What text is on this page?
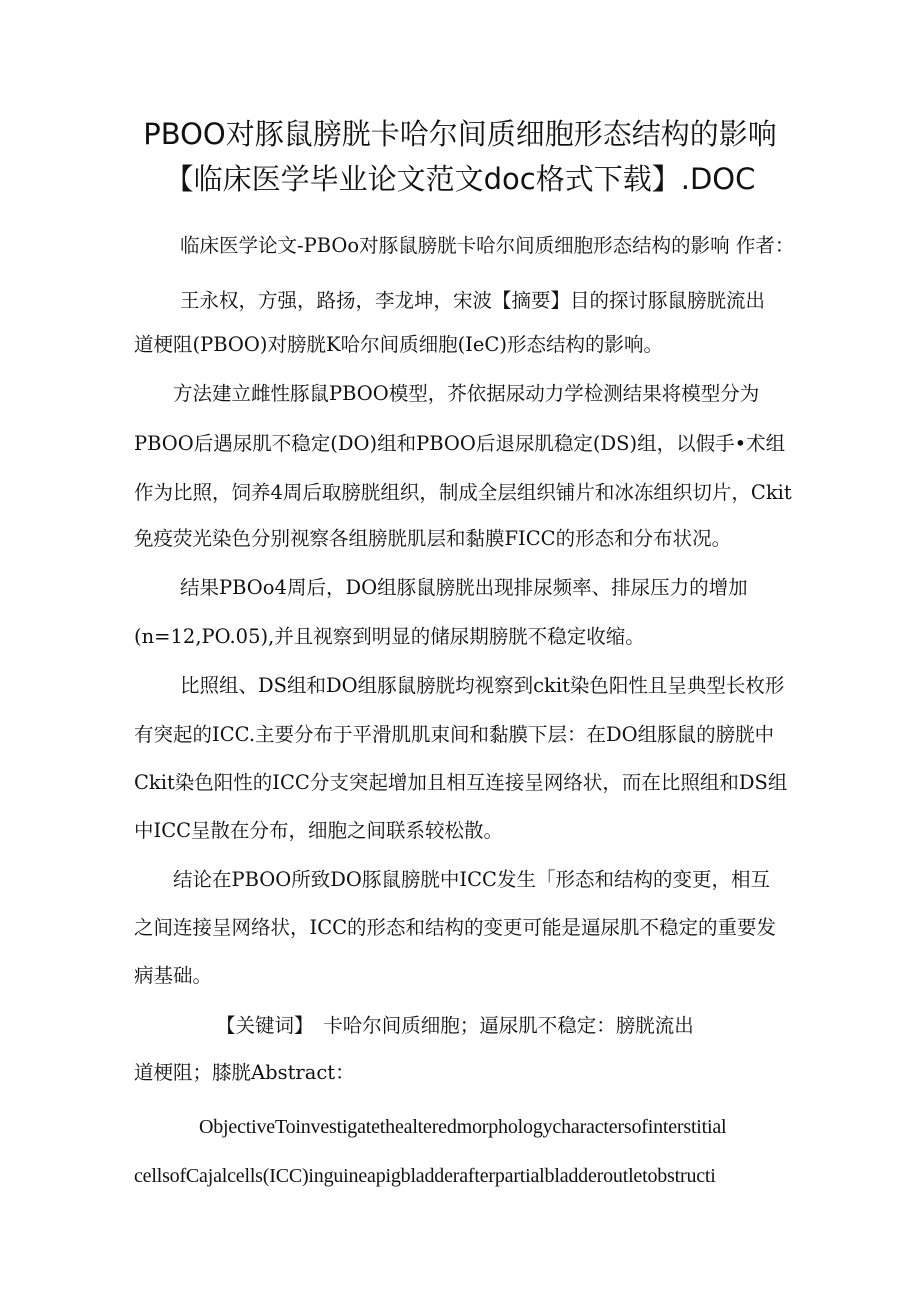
PBOO对豚鼠膀胱卡哈尔间质细胞形态结构的影响
【临床医学毕业论文范文doc格式下载】.DOC
临床医学论文-PBOo对豚鼠膀胱卡哈尔间质细胞形态结构的影响 作者：
王永权，方强，路扬，李龙坤，宋波【摘要】目的探讨豚鼠膀胱流出
道梗阻(PBOO)对膀胱K哈尔间质细胞(IeC)形态结构的影响。
方法建立雌性豚鼠PBOO模型，芥依据尿动力学检测结果将模型分为
PBOO后遇尿肌不稳定(DO)组和PBOO后退尿肌稳定(DS)组，以假手•术组
作为比照，饲养4周后取膀胱组织，制成全层组织铺片和冰冻组织切片，Ckit
免疫荧光染色分别视察各组膀胱肌层和黏膜FICC的形态和分布状况。
结果PBOo4周后，DO组豚鼠膀胱出现排尿频率、排尿压力的增加
(n=12,PO.05),并且视察到明显的储尿期膀胱不稳定收缩。
比照组、DS组和DO组豚鼠膀胱均视察到ckit染色阳性且呈典型长枚形
有突起的ICC.主要分布于平滑肌肌束间和黏膜下层：在DO组豚鼠的膀胱中
Ckit染色阳性的ICC分支突起增加且相互连接呈网络状，而在比照组和DS组
中ICC呈散在分布，细胞之间联系较松散。
结论在PBOO所致DO豚鼠膀胱中ICC发生「形态和结构的变更，相互
之间连接呈网络状，ICC的形态和结构的变更可能是逼尿肌不稳定的重要发
病基础。
【关键词】　卡哈尔间质细胞；逼尿肌不稳定：膀胱流出
道梗阻；膝胱Abstract：
ObjectiveToinvestigatethealteredmorphologycharactersofinterstitial
cellsofCajalcells(ICC)inguineapigbladderafterpartialbladderoutletobstructi
